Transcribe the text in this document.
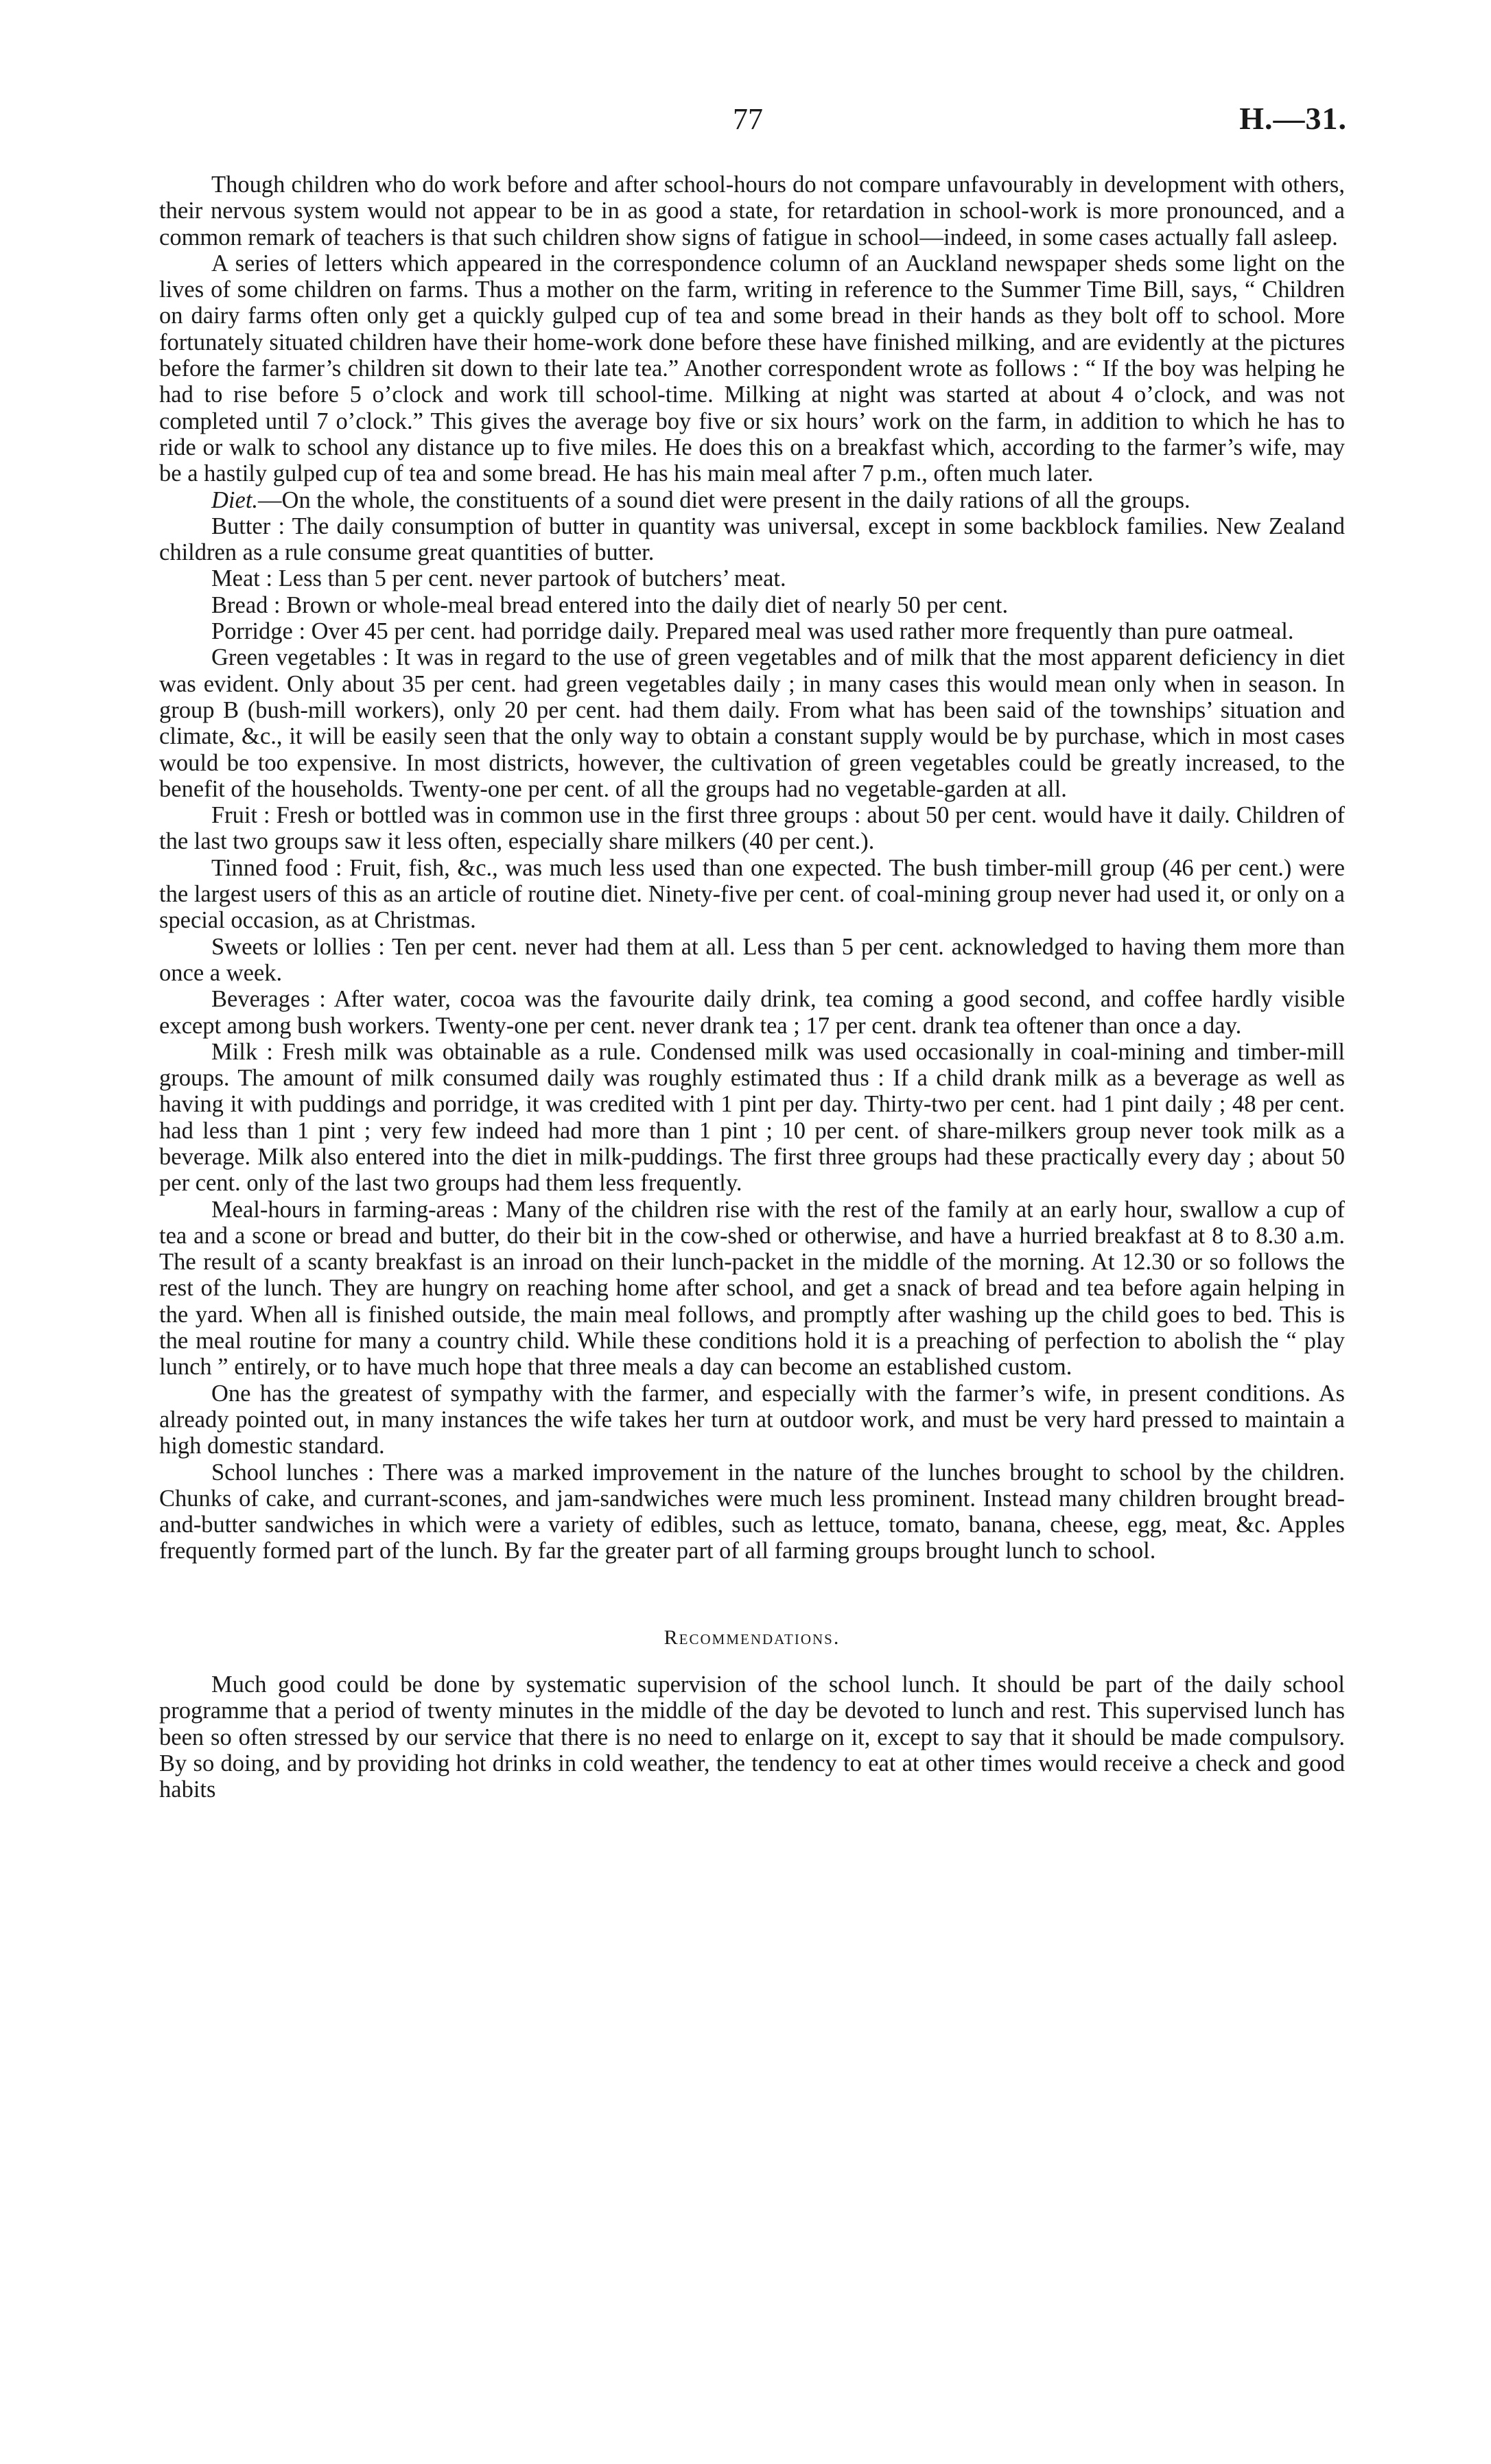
77	H.—31.

Though children who do work before and after school-hours do not compare unfavourably in development with others, their nervous system would not appear to be in as good a state, for retardation in school-work is more pronounced, and a common remark of teachers is that such children show signs of fatigue in school—indeed, in some cases actually fall asleep.

A series of letters which appeared in the correspondence column of an Auckland newspaper sheds some light on the lives of some children on farms. Thus a mother on the farm, writing in reference to the Summer Time Bill, says, “ Children on dairy farms often only get a quickly gulped cup of tea and some bread in their hands as they bolt off to school. More fortunately situated children have their home-work done before these have finished milking, and are evidently at the pictures before the farmer’s children sit down to their late tea.” Another correspondent wrote as follows : “ If the boy was helping he had to rise before 5 o’clock and work till school-time. Milking at night was started at about 4 o’clock, and was not completed until 7 o’clock.” This gives the average boy five or six hours’ work on the farm, in addition to which he has to ride or walk to school any distance up to five miles. He does this on a breakfast which, according to the farmer’s wife, may be a hastily gulped cup of tea and some bread. He has his main meal after 7 p.m., often much later.

Diet.—On the whole, the constituents of a sound diet were present in the daily rations of all the groups.

Butter : The daily consumption of butter in quantity was universal, except in some backblock families. New Zealand children as a rule consume great quantities of butter.

Meat : Less than 5 per cent. never partook of butchers’ meat.

Bread : Brown or whole-meal bread entered into the daily diet of nearly 50 per cent.

Porridge : Over 45 per cent. had porridge daily. Prepared meal was used rather more frequently than pure oatmeal.

Green vegetables : It was in regard to the use of green vegetables and of milk that the most apparent deficiency in diet was evident. Only about 35 per cent. had green vegetables daily ; in many cases this would mean only when in season. In group B (bush-mill workers), only 20 per cent. had them daily. From what has been said of the townships’ situation and climate, &c., it will be easily seen that the only way to obtain a constant supply would be by purchase, which in most cases would be too expensive. In most districts, however, the cultivation of green vegetables could be greatly increased, to the benefit of the households. Twenty-one per cent. of all the groups had no vegetable-garden at all.

Fruit : Fresh or bottled was in common use in the first three groups : about 50 per cent. would have it daily. Children of the last two groups saw it less often, especially share milkers (40 per cent.).

Tinned food : Fruit, fish, &c., was much less used than one expected. The bush timber-mill group (46 per cent.) were the largest users of this as an article of routine diet. Ninety-five per cent. of coal-mining group never had used it, or only on a special occasion, as at Christmas.

Sweets or lollies : Ten per cent. never had them at all. Less than 5 per cent. acknowledged to having them more than once a week.

Beverages : After water, cocoa was the favourite daily drink, tea coming a good second, and coffee hardly visible except among bush workers. Twenty-one per cent. never drank tea ; 17 per cent. drank tea oftener than once a day.

Milk : Fresh milk was obtainable as a rule. Condensed milk was used occasionally in coal-mining and timber-mill groups. The amount of milk consumed daily was roughly estimated thus : If a child drank milk as a beverage as well as having it with puddings and porridge, it was credited with 1 pint per day. Thirty-two per cent. had 1 pint daily ; 48 per cent. had less than 1 pint ; very few indeed had more than 1 pint ; 10 per cent. of share-milkers group never took milk as a beverage. Milk also entered into the diet in milk-puddings. The first three groups had these practically every day ; about 50 per cent. only of the last two groups had them less frequently.

Meal-hours in farming-areas : Many of the children rise with the rest of the family at an early hour, swallow a cup of tea and a scone or bread and butter, do their bit in the cow-shed or otherwise, and have a hurried breakfast at 8 to 8.30 a.m. The result of a scanty breakfast is an inroad on their lunch-packet in the middle of the morning. At 12.30 or so follows the rest of the lunch. They are hungry on reaching home after school, and get a snack of bread and tea before again helping in the yard. When all is finished outside, the main meal follows, and promptly after washing up the child goes to bed. This is the meal routine for many a country child. While these conditions hold it is a preaching of perfection to abolish the “ play lunch ” entirely, or to have much hope that three meals a day can become an established custom.

One has the greatest of sympathy with the farmer, and especially with the farmer’s wife, in present conditions. As already pointed out, in many instances the wife takes her turn at outdoor work, and must be very hard pressed to maintain a high domestic standard.

School lunches : There was a marked improvement in the nature of the lunches brought to school by the children. Chunks of cake, and currant-scones, and jam-sandwiches were much less prominent. Instead many children brought bread-and-butter sandwiches in which were a variety of edibles, such as lettuce, tomato, banana, cheese, egg, meat, &c. Apples frequently formed part of the lunch. By far the greater part of all farming groups brought lunch to school.

Recommendations.

Much good could be done by systematic supervision of the school lunch. It should be part of the daily school programme that a period of twenty minutes in the middle of the day be devoted to lunch and rest. This supervised lunch has been so often stressed by our service that there is no need to enlarge on it, except to say that it should be made compulsory. By so doing, and by providing hot drinks in cold weather, the tendency to eat at other times would receive a check and good habits
